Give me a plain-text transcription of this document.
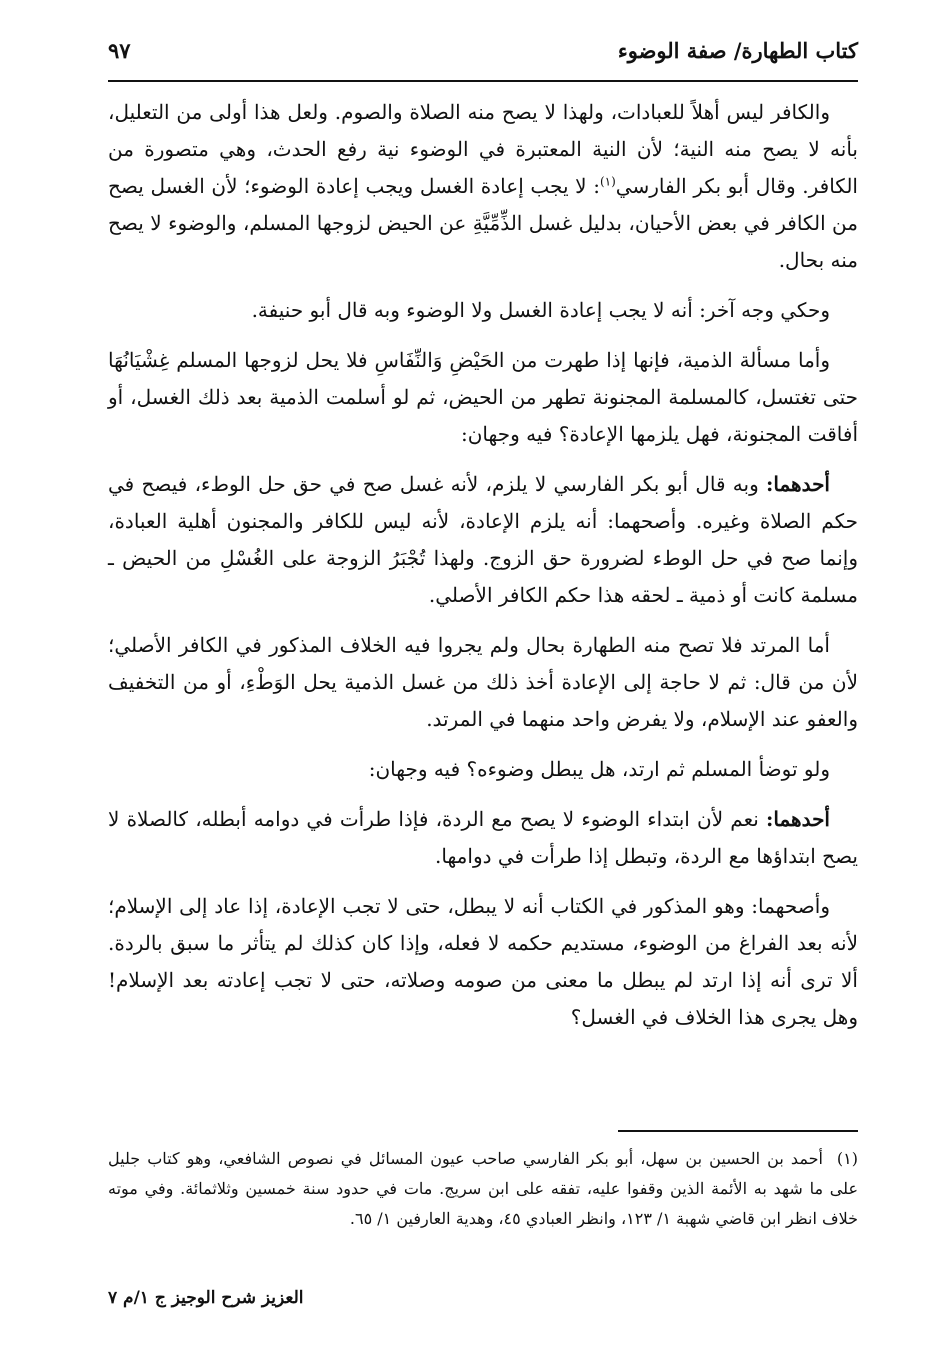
كتاب الطهارة/ صفة الوضوء
٩٧

والكافر ليس أهلاً للعبادات، ولهذا لا يصح منه الصلاة والصوم. ولعل هذا أولى من التعليل، بأنه لا يصح منه النية؛ لأن النية المعتبرة في الوضوء نية رفع الحدث، وهي متصورة من الكافر. وقال أبو بكر الفارسي$^{(١)}$: لا يجب إعادة الغسل ويجب إعادة الوضوء؛ لأن الغسل يصح من الكافر في بعض الأحيان، بدليل غسل الذِّمِّيَّةِ عن الحيض لزوجها المسلم، والوضوء لا يصح منه بحال.

وحكي وجه آخر: أنه لا يجب إعادة الغسل ولا الوضوء وبه قال أبو حنيفة.

وأما مسألة الذمية، فإنها إذا طهرت من الحَيْضِ وَالنِّفَاسِ فلا يحل لزوجها المسلم غِشْيَانُهَا حتى تغتسل، كالمسلمة المجنونة تطهر من الحيض، ثم لو أسلمت الذمية بعد ذلك الغسل، أو أفاقت المجنونة، فهل يلزمها الإعادة؟ فيه وجهان:

أحدهما: وبه قال أبو بكر الفارسي لا يلزم، لأنه غسل صح في حق حل الوطء، فيصح في حكم الصلاة وغيره. وأصحهما: أنه يلزم الإعادة، لأنه ليس للكافر والمجنون أهلية العبادة، وإنما صح في حل الوطء لضرورة حق الزوج. ولهذا تُجْبَرُ الزوجة على الغُسْلِ من الحيض ـ مسلمة كانت أو ذمية ـ لحقه هذا حكم الكافر الأصلي.

أما المرتد فلا تصح منه الطهارة بحال ولم يجروا فيه الخلاف المذكور في الكافر الأصلي؛ لأن من قال: ثم لا حاجة إلى الإعادة أخذ ذلك من غسل الذمية يحل الوَطْءِ، أو من التخفيف والعفو عند الإسلام، ولا يفرض واحد منهما في المرتد.

ولو توضأ المسلم ثم ارتد، هل يبطل وضوءه؟ فيه وجهان:

أحدهما: نعم لأن ابتداء الوضوء لا يصح مع الردة، فإذا طرأت في دوامه أبطله، كالصلاة لا يصح ابتداؤها مع الردة، وتبطل إذا طرأت في دوامها.

وأصحهما: وهو المذكور في الكتاب أنه لا يبطل، حتى لا تجب الإعادة، إذا عاد إلى الإسلام؛ لأنه بعد الفراغ من الوضوء، مستديم حكمه لا فعله، وإذا كان كذلك لم يتأثر ما سبق بالردة. ألا ترى أنه إذا ارتد لم يبطل ما معنى من صومه وصلاته، حتى لا تجب إعادته بعد الإسلام! وهل يجرى هذا الخلاف في الغسل؟

(١)
أحمد بن الحسين بن سهل، أبو بكر الفارسي صاحب عيون المسائل في نصوص الشافعي، وهو كتاب جليل على ما شهد به الأئمة الذين وقفوا عليه، تفقه على ابن سريج. مات في حدود سنة خمسين وثلاثمائة. وفي موته خلاف انظر ابن قاضي شهبة ١/ ١٢٣، وانظر العبادي ٤٥، وهدية العارفين ١/ ٦٥.
العزيز شرح الوجيز ج ١/م ٧
